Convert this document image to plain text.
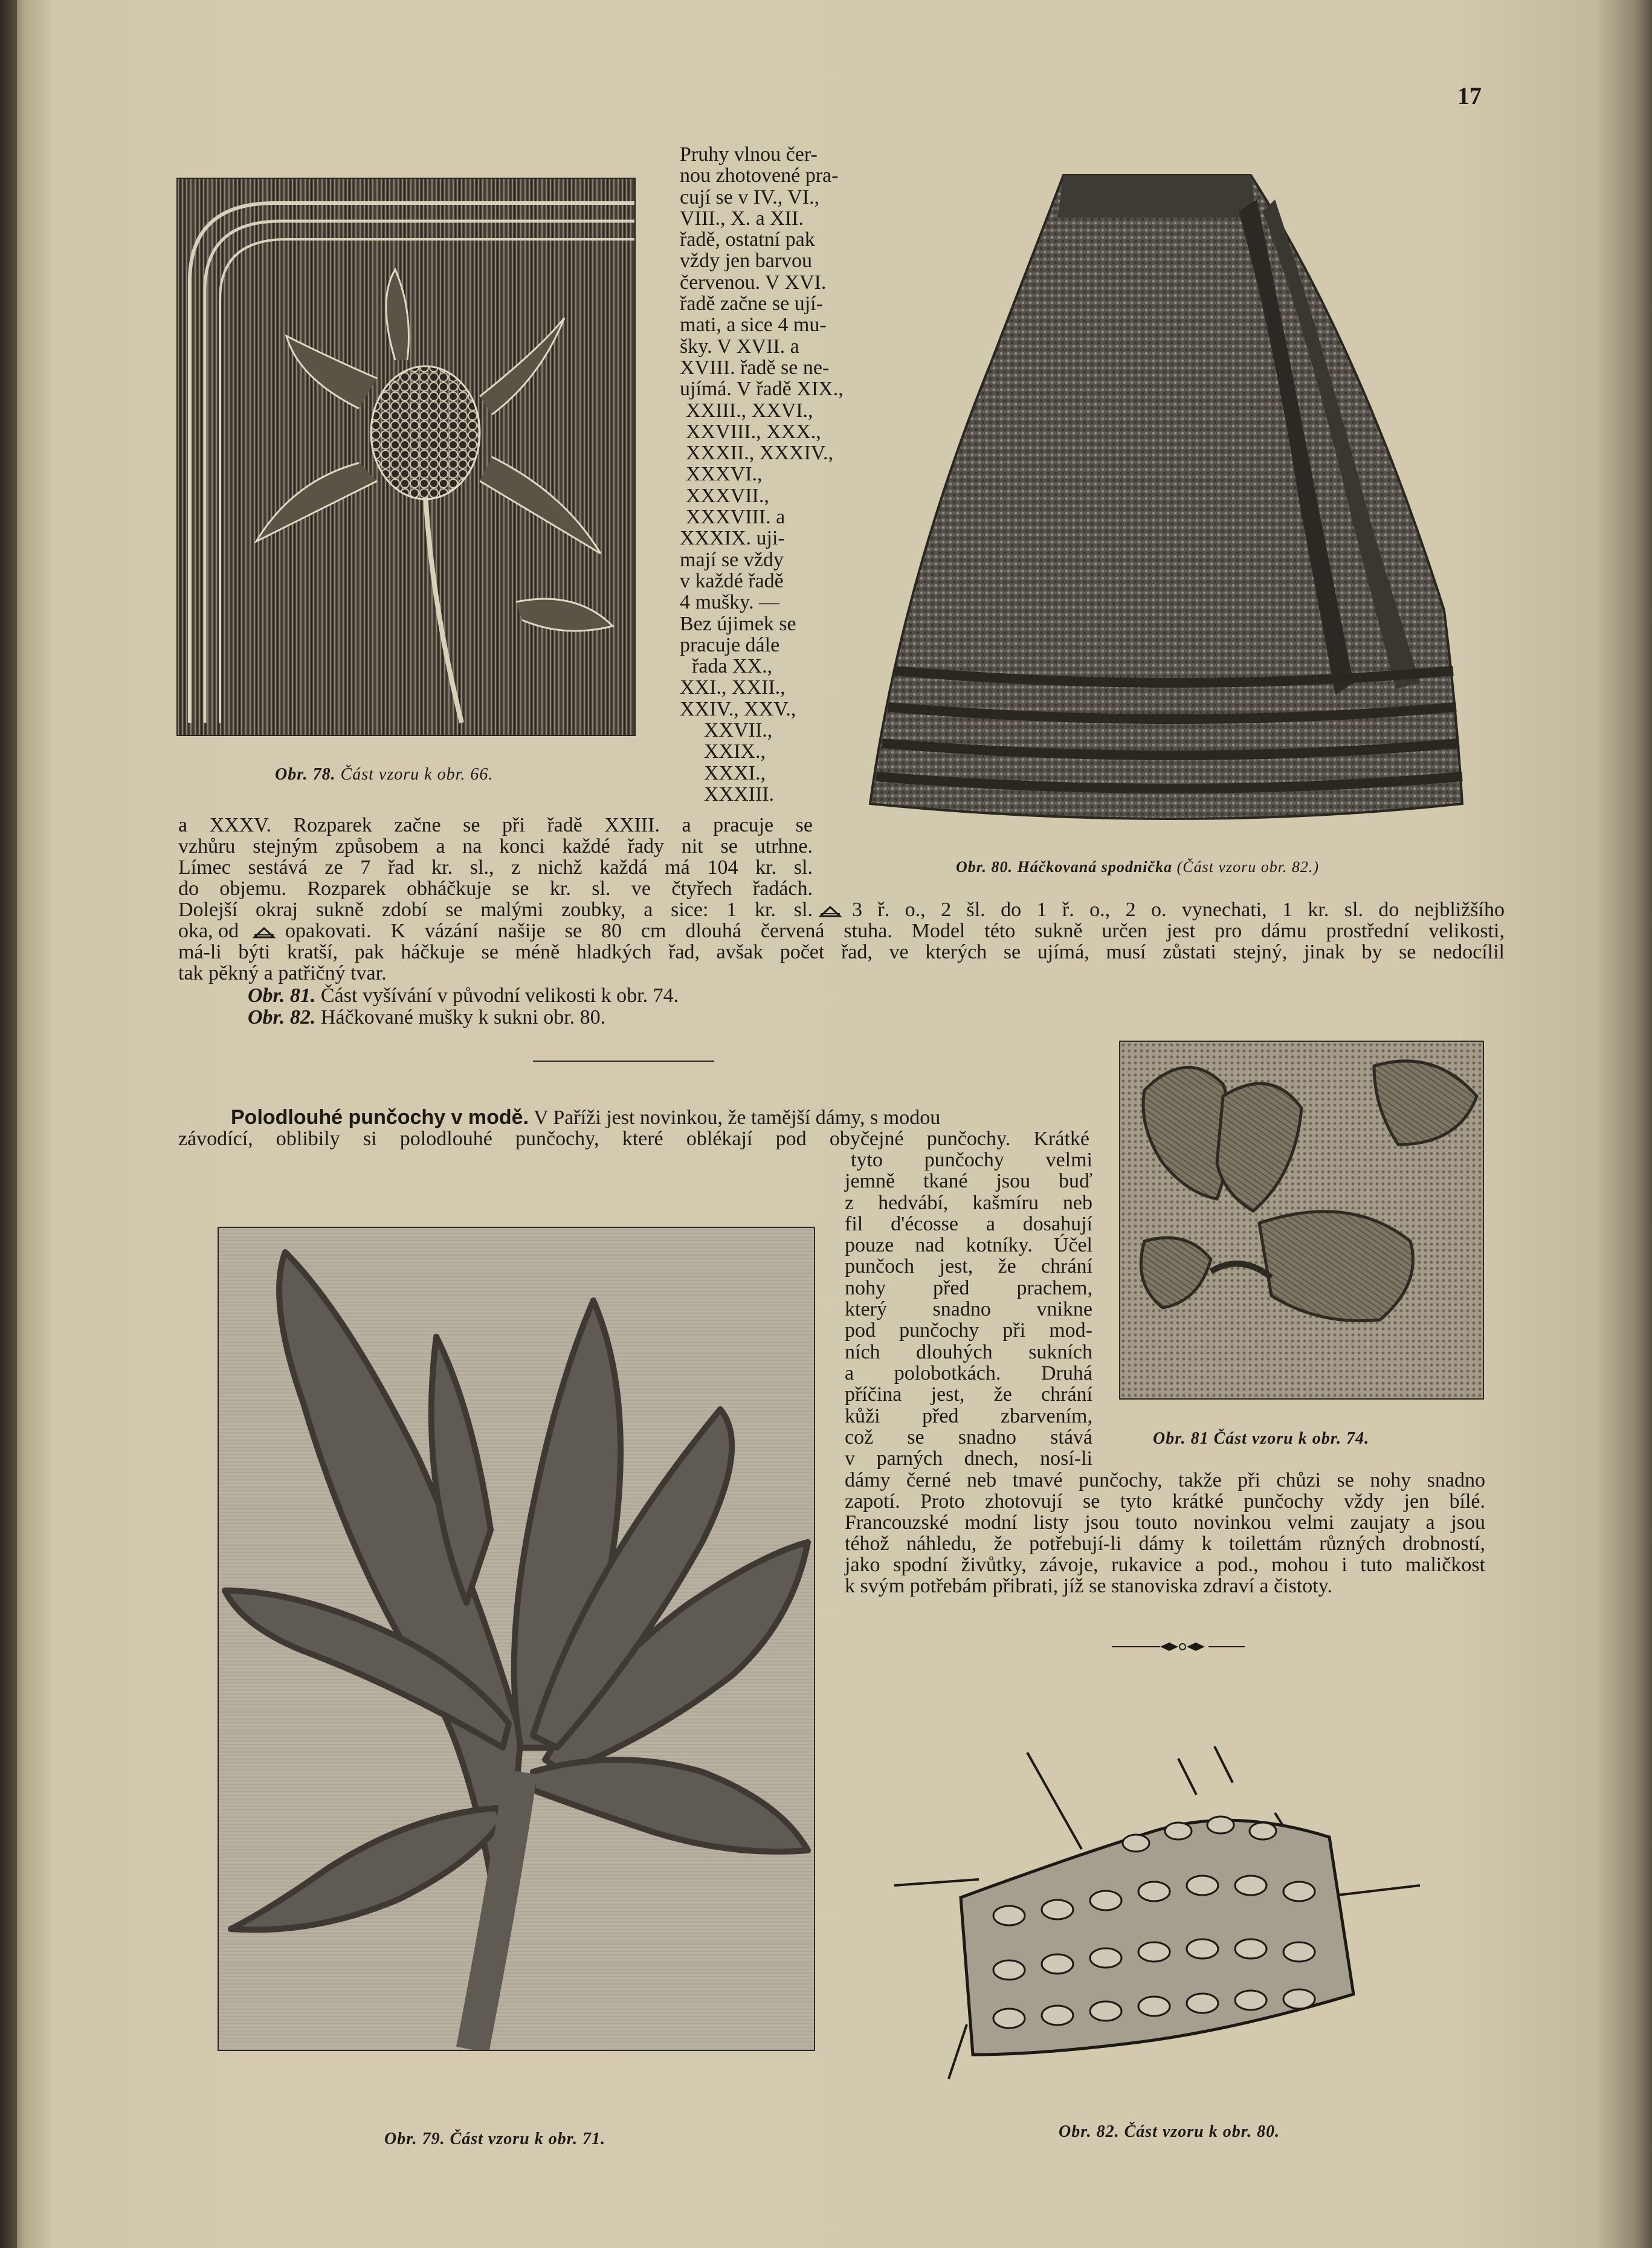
17
Obr. 78. Část vzoru k obr. 66.
Obr. 80. Háčkovaná spodnička (Část vzoru obr. 82.)
Pruhy vlnou čer-
nou zhotovené pra-
cují se v IV., VI.,
VIII., X. a XII.
řadě, ostatní pak
vždy jen barvou
červenou. V XVI.
řadě začne se ují-
mati, a sice 4 mu-
šky. V XVII. a
XVIII. řadě se ne-
ujímá. V řadě XIX.,
XXIII., XXVI.,
XXVIII., XXX.,
XXXII., XXXIV.,
XXXVI.,
XXXVII.,
XXXVIII. a
XXXIX. uji-
mají se vždy
v každé řadě
4 mušky. —
Bez újimek se
pracuje dále
řada XX.,
XXI., XXII.,
XXIV., XXV.,
XXVII.,
XXIX.,
XXXI.,
XXXIII.
a XXXV. Rozparek začne se při řadě XXIII. a pracuje se
vzhůru stejným způsobem a na konci každé řady nit se utrhne.
Límec sestává ze 7 řad kr. sl., z nichž každá má 104 kr. sl.
do objemu. Rozparek obháčkuje se kr. sl. ve čtyřech řadách.
Dolejší okraj sukně zdobí se malými zoubky, a sice: 1 kr. sl. 3 ř. o., 2 šl. do 1 ř. o., 2 o. vynechati, 1 kr. sl. do nejbližšího
oka, od opakovati. K vázání našije se 80 cm dlouhá červená stuha. Model této sukně určen jest pro dámu prostřední velikosti,
má-li býti kratší, pak háčkuje se méně hladkých řad, avšak počet řad, ve kterých se ujímá, musí zůstati stejný, jinak by se nedocílil
tak pěkný a patřičný tvar.
Obr. 81. Část vyšívání v původní velikosti k obr. 74.
Obr. 82. Háčkované mušky k sukni obr. 80.
Obr. 81 Část vzoru k obr. 74.
Polodlouhé punčochy v modě. V Paříži jest novinkou, že tamější dámy, s modou
závodící, oblibily si polodlouhé punčochy, které oblékají pod obyčejné punčochy. Krátké
tyto punčochy velmi
jemně tkané jsou buď
z hedvábí, kašmíru neb
fil d'écosse a dosahují
pouze nad kotníky. Účel
punčoch jest, že chrání
nohy před prachem,
který snadno vnikne
pod punčochy při mod-
ních dlouhých sukních
a polobotkách. Druhá
příčina jest, že chrání
kůži před zbarvením,
což se snadno stává
v parných dnech, nosí-li
dámy černé neb tmavé punčochy, takže při chůzi se nohy snadno
zapotí. Proto zhotovují se tyto krátké punčochy vždy jen bílé.
Francouzské modní listy jsou touto novinkou velmi zaujaty a jsou
téhož náhledu, že potřebují-li dámy k toilettám různých drobností,
jako spodní živůtky, závoje, rukavice a pod., mohou i tuto maličkost
k svým potřebám přibrati, jíž se stanoviska zdraví a čistoty.
Obr. 79. Část vzoru k obr. 71.	Obr. 82. Část vzoru k obr. 80.
